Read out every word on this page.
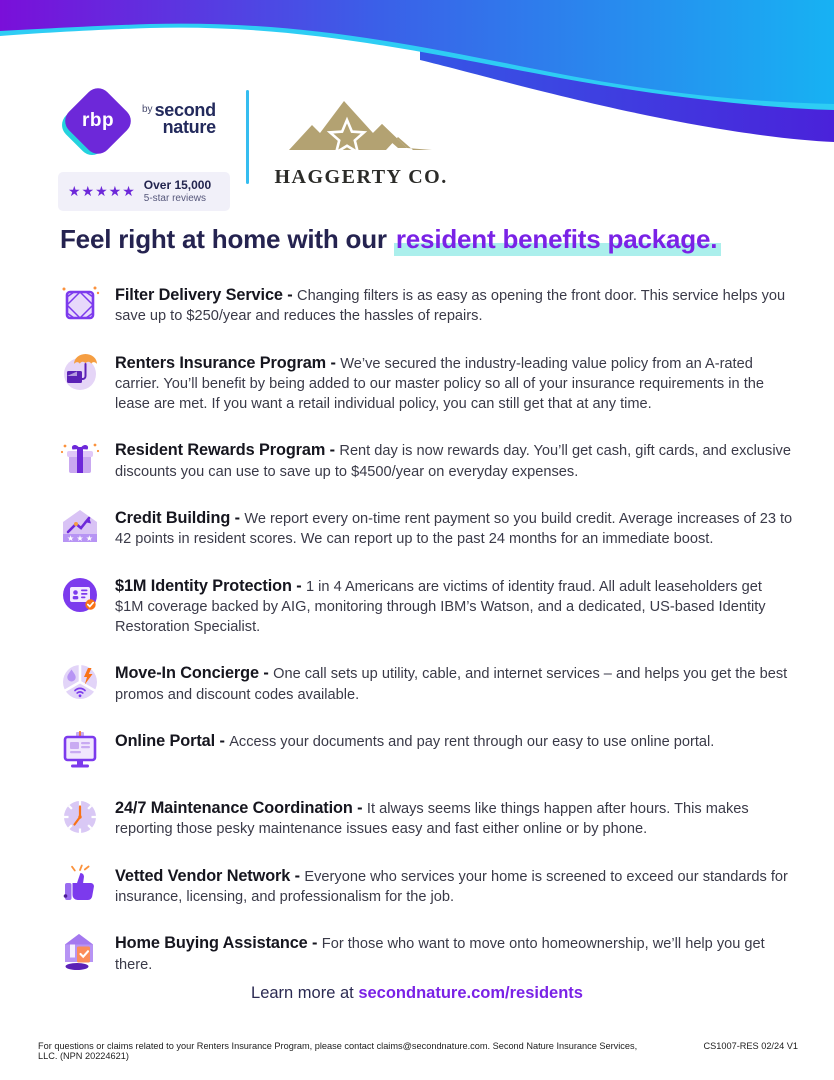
rbp
by second
nature
★★★★★ Over 15,000
5-star reviews
HAGGERTY CO.
Feel right at home with our resident benefits package.

Filter Delivery Service - Changing filters is as easy as opening the front door. This service helps you save up to $250/year and reduces the hassles of repairs.

Renters Insurance Program - We’ve secured the industry-leading value policy from an A-rated carrier. You’ll benefit by being added to our master policy so all of your insurance requirements in the lease are met. If you want a retail individual policy, you can still get that at any time.

Resident Rewards Program - Rent day is now rewards day. You’ll get cash, gift cards, and exclusive discounts you can use to save up to $4500/year on everyday expenses.

★ ★ ★

Credit Building - We report every on-time rent payment so you build credit. Average increases of 23 to 42 points in resident scores. We can report up to the past 24 months for an immediate boost.

$1M Identity Protection - 1 in 4 Americans are victims of identity fraud. All adult leaseholders get $1M coverage backed by AIG, monitoring through IBM’s Watson, and a dedicated, US-based Identity Restoration Specialist.

Move-In Concierge - One call sets up utility, cable, and internet services – and helps you get the best promos and discount codes available.

Online Portal - Access your documents and pay rent through our easy to use online portal.

24/7 Maintenance Coordination - It always seems like things happen after hours. This makes reporting those pesky maintenance issues easy and fast either online or by phone.

Vetted Vendor Network - Everyone who services your home is screened to exceed our standards for insurance, licensing, and professionalism for the job.

Home Buying Assistance - For those who want to move onto homeownership, we’ll help you get there.

Learn more at secondnature.com/residents

For questions or claims related to your Renters Insurance Program, please contact claims@secondnature.com. Second Nature Insurance Services, LLC. (NPN 20224621)
CS1007-RES 02/24 V1
